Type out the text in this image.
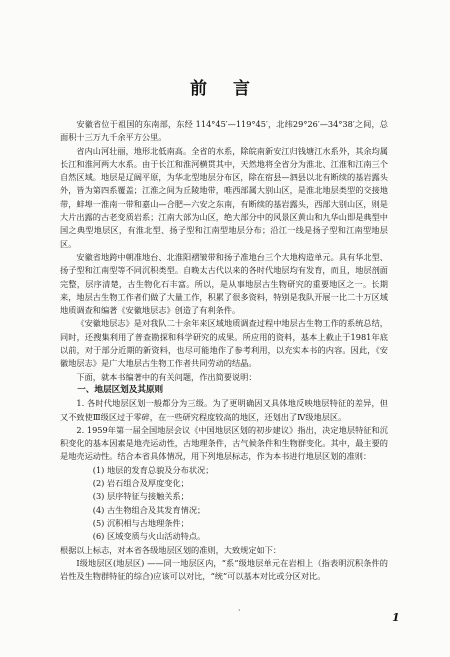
前 言

安徽省位于祖国的东南部，东经 114°45′—119°45′，北纬29°26′—34°38′之间，总面积十三万九千余平方公里。

省内山河壮丽，地形北低南高。全省的水系，除皖南新安江归钱塘江水系外，其余均属长江和淮河两大水系。由于长江和淮河横贯其中，天然地将全省分为淮北、江淮和江南三个自然区域。地层是辽阔平原，为华北型地层分布区，除在宿县—泗县以北有断续的基岩露头外，皆为第四系覆盖；江淮之间为丘陵地带，唯西部属大别山区，是淮北地层类型的交接地带，蚌埠一淮南一带和嘉山—合肥—六安之东南，有断续的基岩露头，西部大别山区，则是大片出露的古老变质岩系；江南大部为山区，绝大部分中的风景区黄山和九华山即是典型中国之典型地层区，有淮北型、扬子型和江南型地层分布；沿江一线是扬子型和江南型地层区。

安徽省地跨中朝准地台、北淮阳褶皱带和扬子准地台三个大地构造单元。具有华北型、扬子型和江南型等不同沉积类型。自晚太古代以来的各时代地层均有发育，而且，地层剖面完整，层序清楚，古生物化石丰富。所以，是从事地层古生物研究的重要地区之一。长期来，地层古生物工作者们做了大量工作，积累了很多资料，特别是我队开展一比二十万区域地质调查和编著《安徽地层志》创造了有利条件。

《安徽地层志》是对我队二十余年来区域地质调查过程中地层古生物工作的系统总结，同时，还搜集利用了普查勘探和科学研究的成果。所应用的资料，基本上截止于1981年底以前，对于部分近期的新资料，也尽可能地作了参考利用，以充实本书的内容。因此，《安徽地层志》是广大地层古生物工作者共同劳动的结晶。

下面，就本书编著中的有关问题，作出简要说明：

一、地层区划及其原则

1. 各时代地层区划一般都分为三级。为了更明确因又具体地反映地层特征的差异，但又不致使Ⅲ级区过于零碎，在一些研究程度较高的地区，还划出了Ⅳ级地层区。

2. 1959年第一届全国地层会议《中国地层区划的初步建议》指出，决定地层特征和沉积变化的基本因素是地壳运动性，古地理条件，古气候条件和生物群变化。其中，最主要的是地壳运动性。结合本省具体情况，用下列地层标志，作为本书进行地层区划的准则：

(1) 地层的发育总貌及分布状况；

(2) 岩石组合及厚度变化；

(3) 层序特征与接触关系；

(4) 古生物组合及其发育情况；

(5) 沉积相与古地理条件；

(6) 区域变质与火山活动特点。

根据以上标志，对本省各级地层区划的准则，大致规定如下：

Ⅰ级地层区(地层区) ——同一地层区内，“系”级地层单元在岩相上（指表明沉积条件的岩性及生物群特征的综合)应该可以对比，“统”可以基本对比或分区对比。

·
1
